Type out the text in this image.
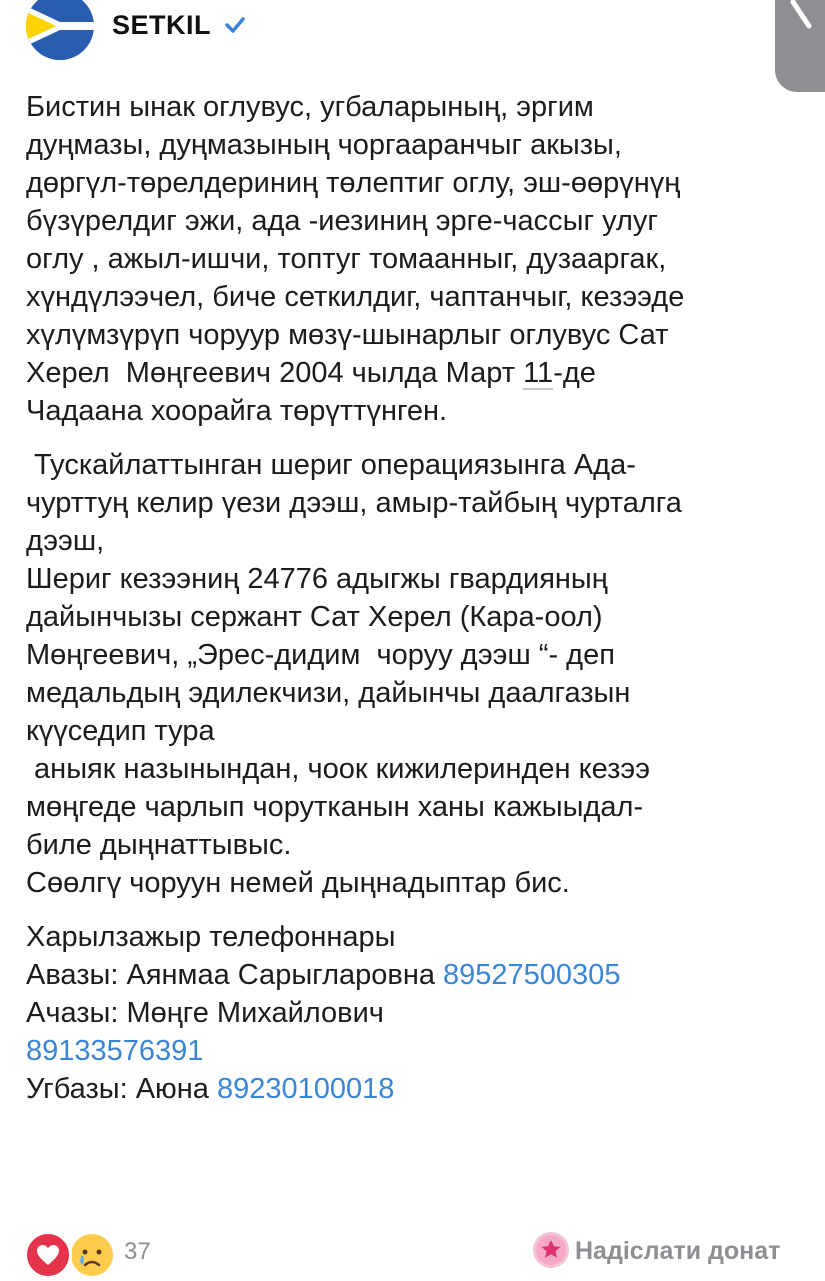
SETKIL

Бистин ынак оглувус, угбаларының, эргим
дуңмазы, дуңмазының чоргааранчыг акызы,
дөргүл-төрелдериниң төлептиг оглу, эш-өөрүнүң
бүзүрелдиг эжи, ада -иезиниң эрге-чассыг улуг
оглу , ажыл-ишчи, топтуг томаанныг, дузааргак,
хүндүлээчел, биче сеткилдиг, чаптанчыг, кезээде
хүлүмзүрүп чоруур мөзү-шынарлыг оглувус Сат
Херел  Мөңгеевич 2004 чылда Март 11-де
Чадаана хоорайга төрүттүнген.

Тускайлаттынган шериг операциязынга Ада-
чурттуң келир үези дээш, амыр-тайбың чурталга
дээш,
Шериг кезээниң 24776 адыгжы гвардияның
дайынчызы сержант Сат Херел (Кара-оол)
Мөңгеевич, „Эрес-дидим  чоруу дээш “- деп
медальдың эдилекчизи, дайынчы даалгазын
күүседип тура
аныяк назынындан, чоок кижилеринден кезээ
мөңгеде чарлып чорутканын ханы кажыыдал-
биле дыңнаттывыс.
Сөөлгү чоруун немей дыңнадыптар бис.

Харылзажыр телефоннары
Авазы: Аянмаа Сарыгларовна 89527500305
Ачазы: Мөңге Михайлович
89133576391
Угбазы: Аюна 89230100018

37	Надіслати донат
